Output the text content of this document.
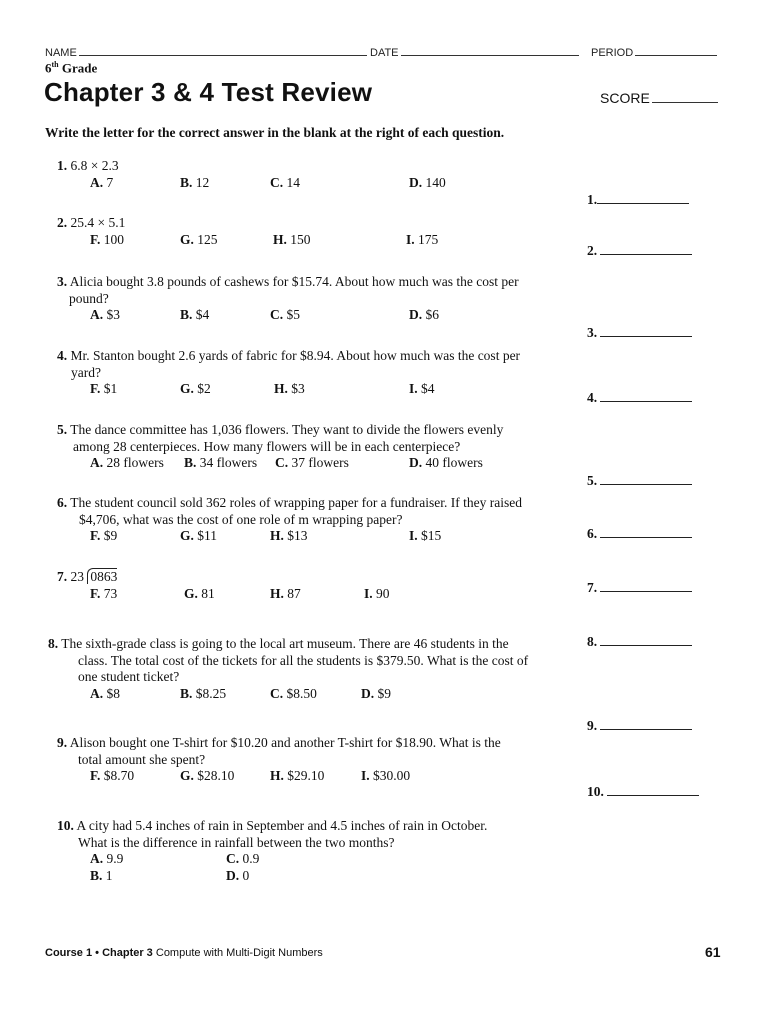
NAME	DATE	PERIOD
6th Grade
Chapter 3 & 4 Test Review	SCORE
Write the letter for the correct answer in the blank at the right of each question.
1. 6.8 × 2.3
A. 7	B. 12	C. 14	D. 140
2. 25.4 × 5.1
F. 100	G. 125	H. 150	I. 175
3. Alicia bought 3.8 pounds of cashews for $15.74. About how much was the cost per
pound?
A. $3	B. $4	C. $5	D. $6
4. Mr. Stanton bought 2.6 yards of fabric for $8.94. About how much was the cost per
yard?
F. $1	G. $2	H. $3	I. $4
5. The dance committee has 1,036 flowers. They want to divide the flowers evenly
among 28 centerpieces. How many flowers will be in each centerpiece?
A. 28 flowers B. 34 flowers C. 37 flowers	D. 40 flowers
6. The student council sold 362 roles of wrapping paper for a fundraiser. If they raised
$4,706, what was the cost of one role of m wrapping paper?
F. $9	G. $11	H. $13	I. $15
7. 23 0863
F. 73	G. 81	H. 87	I. 90
8. The sixth-grade class is going to the local art museum. There are 46 students in the
class. The total cost of the tickets for all the students is $379.50. What is the cost of
one student ticket?
A. $8	B. $8.25	C. $8.50	D. $9
9. Alison bought one T-shirt for $10.20 and another T-shirt for $18.90. What is the
total amount she spent?
F. $8.70	G. $28.10	H. $29.10	I. $30.00
10. A city had 5.4 inches of rain in September and 4.5 inches of rain in October.
What is the difference in rainfall between the two months?
A. 9.9	C. 0.9
B. 1	D. 0
1.
2.
3.
4.
5.
6.
7.
8.
9.
10.
Course 1 • Chapter 3 Compute with Multi-Digit Numbers	61
